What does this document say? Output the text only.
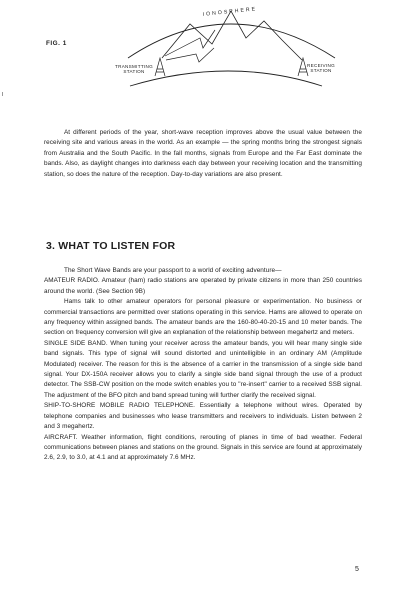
IONOSPHERE
FIG. 1
TRANSMITTING STATION
RECEIVING STATION

At different periods of the year, short-wave reception improves above the usual value between the receiving site and various areas in the world. As an example — the spring months bring the strongest signals from Australia and the South Pacific. In the fall months, signals from Europe and the Far East dominate the bands. Also, as daylight changes into darkness each day between your receiving location and the transmitting station, so does the nature of the reception. Day-to-day variations are also present.

3. WHAT TO LISTEN FOR

The Short Wave Bands are your passport to a world of exciting adventure—

AMATEUR RADIO. Amateur (ham) radio stations are operated by private citizens in more than 250 countries around the world. (See Section 9B)

Hams talk to other amateur operators for personal pleasure or experimentation. No business or commercial transactions are permitted over stations operating in this service. Hams are allowed to operate on any frequency within assigned bands. The amateur bands are the 160-80-40-20-15 and 10 meter bands. The section on frequency conversion will give an explanation of the relationship between megahertz and meters.

SINGLE SIDE BAND. When tuning your receiver across the amateur bands, you will hear many single side band signals. This type of signal will sound distorted and unintelligible in an ordinary AM (Amplitude Modulated) receiver. The reason for this is the absence of a carrier in the transmission of a single side band signal. Your DX-150A receiver allows you to clarify a single side band signal through the use of a product detector. The SSB-CW position on the mode switch enables you to "re-insert" carrier to a received SSB signal. The adjustment of the BFO pitch and band spread tuning will further clarify the received signal.

SHIP-TO-SHORE MOBILE RADIO TELEPHONE. Essentially a telephone without wires. Operated by telephone companies and businesses who lease transmitters and receivers to individuals. Listen between 2 and 3 megahertz.

AIRCRAFT. Weather information, flight conditions, rerouting of planes in time of bad weather. Federal communications between planes and stations on the ground. Signals in this service are found at approximately 2.6, 2.9, to 3.0, at 4.1 and at approximately 7.6 MHz.

5
